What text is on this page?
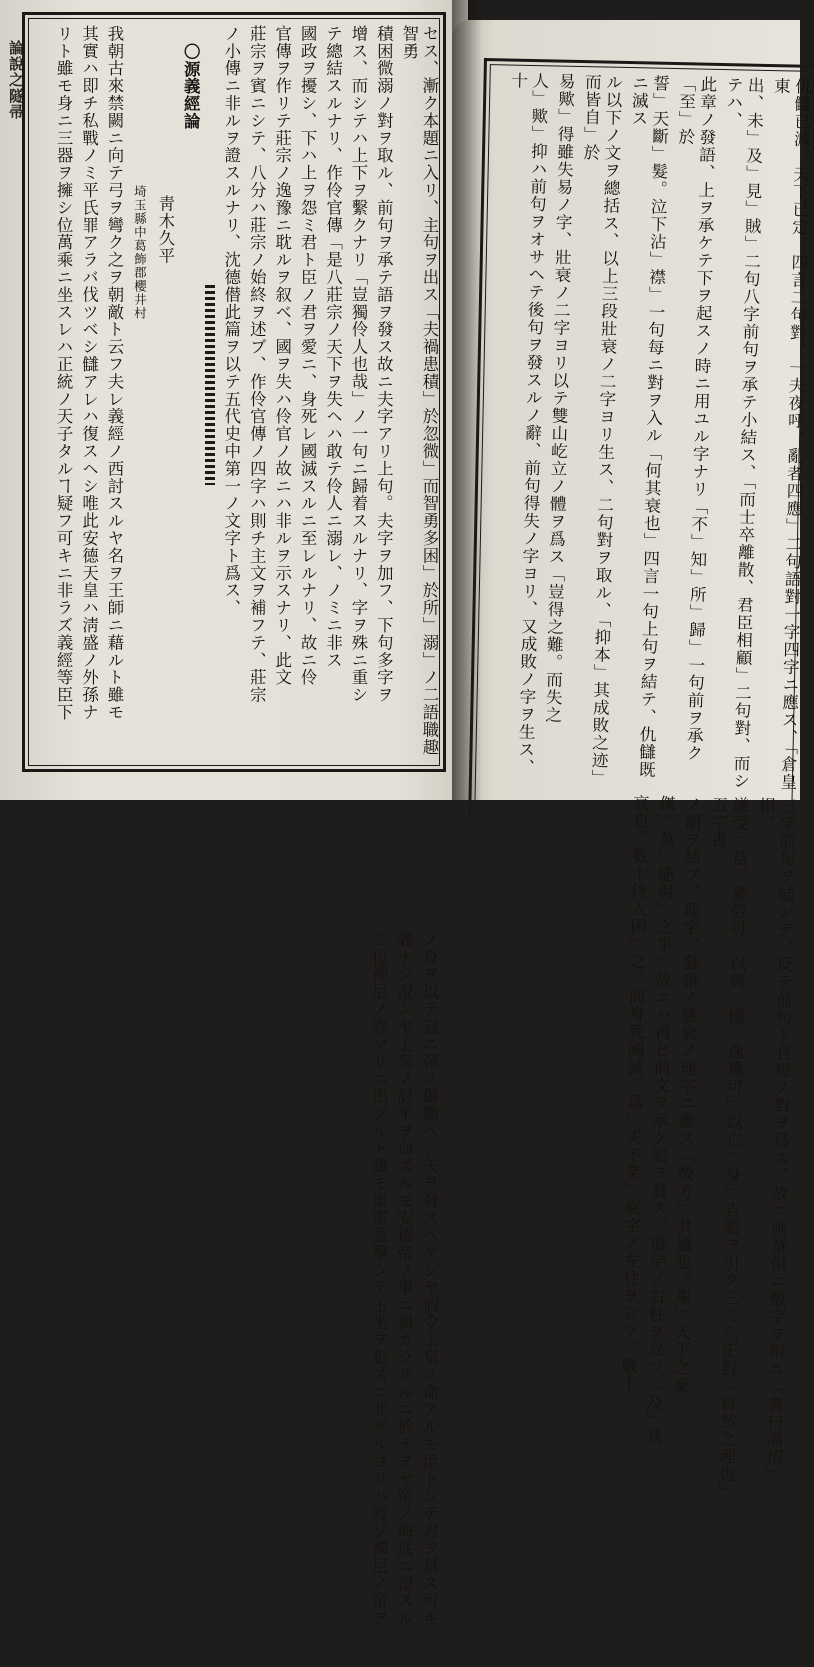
論說之隧帚	セス、漸ク本題ニ入リ、主句ヲ出ス「夫禍患積」於忽微」而智勇多困」於所」溺」ノ二語職趣智勇 積困微溺ノ對ヲ取ル、前句ヲ承テ語ヲ發ス故ニ夫字アリ上句。夫字ヲ加フ、下句多字ヲ 增ス、而シテハ上下ヲ繫クナリ「豈獨伶人也哉」ノ一句ニ歸着スルナリ、字ヲ殊ニ重シ テ總結スルナリ、作伶官傳「是八莊宗ノ天下ヲ失ヘハ敢テ伶人ニ溺レ、ノミニ非ス 國政ヲ擾シ、下ハ上ヲ怨ミ君ト臣ノ君ヲ愛ニ、身死レ國滅スルニ至レルナリ、故ニ伶 官傳ヲ作リテ莊宗ノ逸豫ニ耽ルヲ叙ベ、國ヲ失ハ伶官ノ故ニハ非ルヲ示スナリ、此文 莊宗ヲ賓ニシテ、八分ハ莊宗ノ始終ヲ述ブ、作伶官傳ノ四字ハ則チ主文ヲ補フテ、莊宗 ノ小傳ニ非ルヲ證スルナリ、沈德僣此篇ヲ以テ五代史中第一ノ文字ト爲ス、  〇源義經論 靑木久平 埼玉縣中葛飾郡櫻井村 我朝古來禁闕ニ向テ弓ヲ彎ク之ヲ朝敵ト云フ夫レ義經ノ西討スルヤ名ヲ王師ニ藉ルト雖モ 其實ハ即チ私戰ノミ平氏罪アラバ伐ツベシ讎アレハ復スヘシ唯此安德天皇ハ淸盛ノ外孫ナ リト雖モ身ニ三器ヲ擁シ位萬乘ニ坐スレハ正統ノ天子タルヿ疑フ可キニ非ラズ義經等臣下 ノ身ヲ以テ豈ニ帝ノ御艦ヘ一矢ヲ發スヘケンヤ假令上皇ノ命アルモ臣トシテ君ヲ弑ス可キ 義ナシ況ンヤ上皇ノ討平ヲ命ズルモ安德帝ノ事ニ與カラザルニ於テヲヤ帝ノ海底ニ沒スル 二位禪尼ノ誤マリニ出ヅルト雖モ東軍急擊シテ玉坐ヲ犯スニ非ザルヨリハ焉ゾ禪尼ノ帝ヲ
仇讎已滅。天下已定、四言二句對、一夫夜呼、亂者四應」二句語對一字四字ニ應ス、「倉皇東 出、未」及」見」賊」二句八字前句ヲ承テ小結ス、「而士卒離散、君臣相顧」二句對、而シテハ、 此章ノ發語、上ヲ承ケテ下ヲ起スノ時ニ用ユル字ナリ「不」知」所」歸」一句前ヲ承ク「至」於 誓」天斷」髮。泣下沾」襟」一句每ニ對ヲ入ル「何其衰也」四言一句上句ヲ結テ、仇讎既ニ滅ス ル以下ノ文ヲ總括ス、以上三段壯衰ノ二字ヨリ生ス、二句對ヲ取ル、「抑本」其成敗之迹」而皆自」於 易歟」得雖失易ノ字、壯衰ノ二字ヨリ以テ雙山屹立ノ體ヲ爲ス「豈得之難。而失之 人」歟」抑ハ前句ヲオサヘテ後句ヲ發スルノ辭、前句得失ノ字ヨリ、又成敗ノ字ヲ生ス、十 三字前句ヲ結ンデ、反テ前句ト長短ノ對ヲ爲ス、故ニ両章俱ニ敷字ヲ用ユ「書曰滿招」損。 謙受」益。憂勞可」以興」國。逸豫可」以亡」身」吉語ヲ引ク三二六正對「自然之理也」五字書 ノ語ヲ結ブ、理字、發語ノ盛衰ノ理字ニ應ス「故方」其盛也。舉」天下之豪 傑」莫」能與」之爭」故ニハ再ビ前文ヲ承ケ語ヲ發ス、盛字ノ右柱ヲ立ツ「及」其 衰也。數十伶人困」之。而身死國滅。爲」天下笑」衰字ノ左柱ヲ立ツ、數十
